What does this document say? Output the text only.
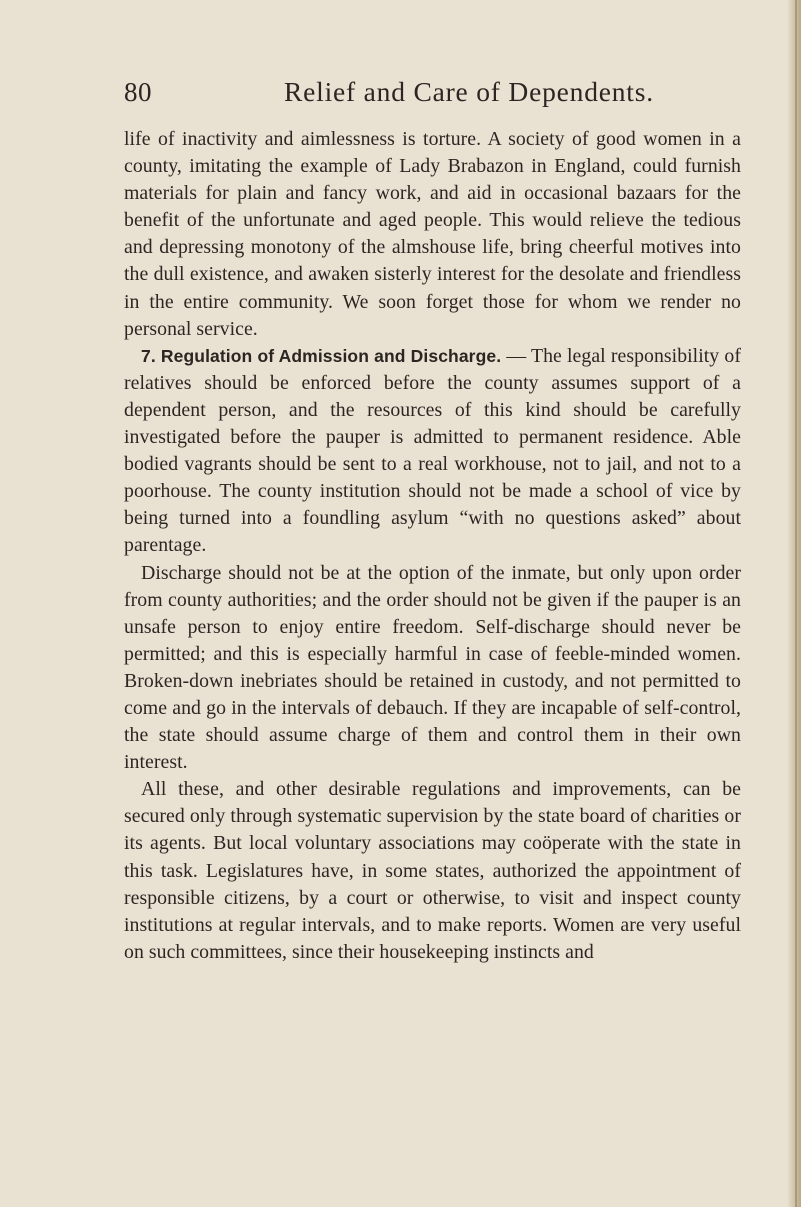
80	Relief and Care of Dependents.

life of inactivity and aimlessness is torture. A society of good women in a county, imitating the example of Lady Brabazon in England, could furnish materials for plain and fancy work, and aid in occasional bazaars for the benefit of the unfortunate and aged people. This would relieve the tedious and depressing monotony of the almshouse life, bring cheerful motives into the dull existence, and awaken sisterly interest for the desolate and friendless in the entire community. We soon forget those for whom we render no personal service.

7. Regulation of Admission and Discharge. — The legal responsibility of relatives should be enforced before the county assumes support of a dependent person, and the resources of this kind should be carefully investigated before the pauper is admitted to permanent residence. Able bodied vagrants should be sent to a real workhouse, not to jail, and not to a poorhouse. The county institution should not be made a school of vice by being turned into a foundling asylum “with no questions asked” about parentage.

Discharge should not be at the option of the inmate, but only upon order from county authorities; and the order should not be given if the pauper is an unsafe person to enjoy entire freedom. Self-discharge should never be permitted; and this is especially harmful in case of feeble-minded women. Broken-down inebriates should be retained in custody, and not permitted to come and go in the intervals of debauch. If they are incapable of self-control, the state should assume charge of them and control them in their own interest.

All these, and other desirable regulations and improvements, can be secured only through systematic supervision by the state board of charities or its agents. But local voluntary associations may coöperate with the state in this task. Legislatures have, in some states, authorized the appointment of responsible citizens, by a court or otherwise, to visit and inspect county institutions at regular intervals, and to make reports. Women are very useful on such committees, since their housekeeping instincts and
